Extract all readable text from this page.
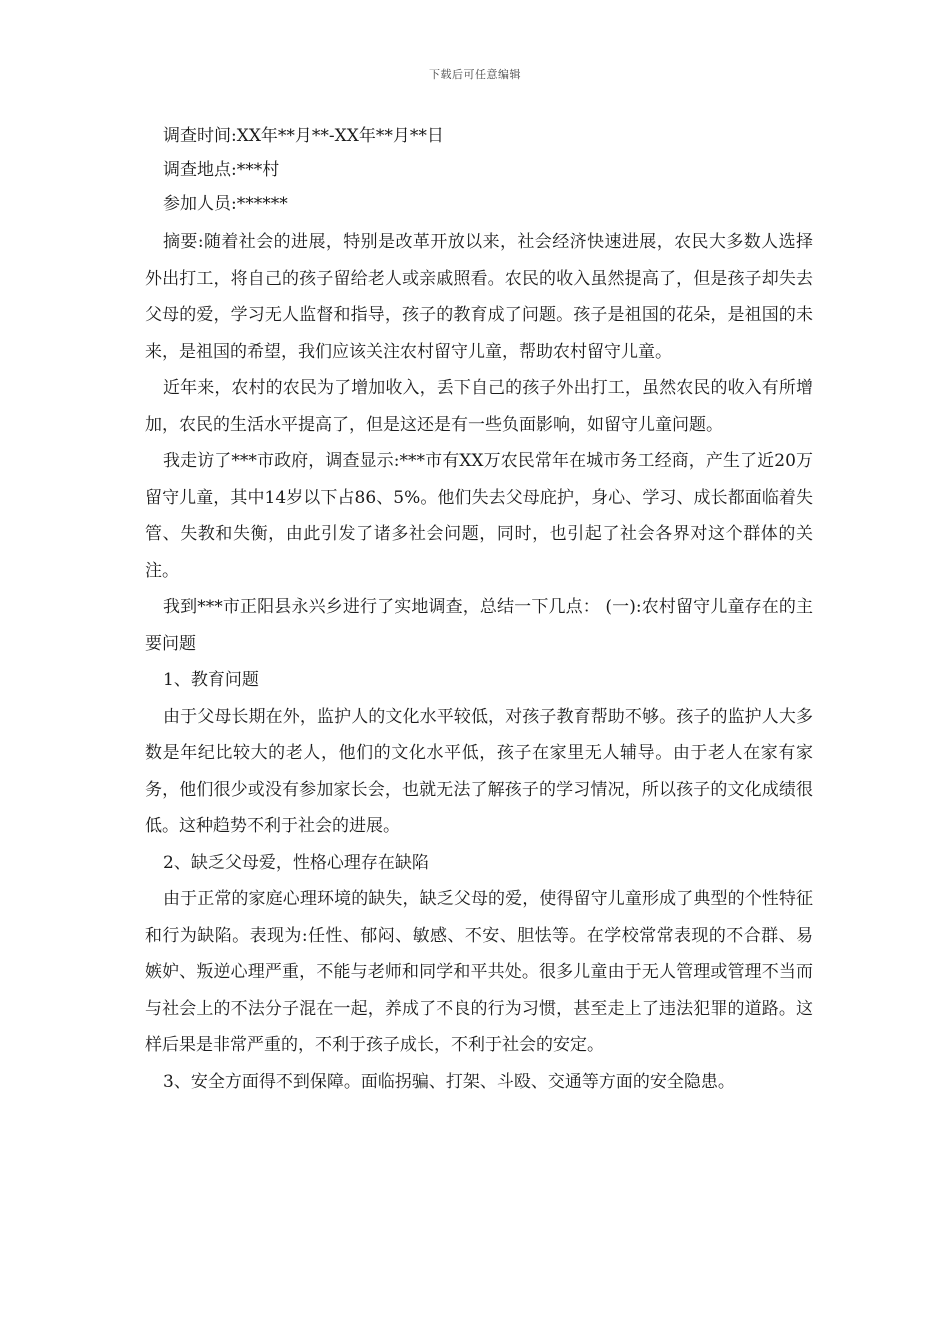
下载后可任意编辑

调查时间:XX年**月**-XX年**月**日

调查地点:***村

参加人员:******

摘要:随着社会的进展，特别是改革开放以来，社会经济快速进展，农民大多数人选择外出打工，将自己的孩子留给老人或亲戚照看。农民的收入虽然提高了，但是孩子却失去父母的爱，学习无人监督和指导，孩子的教育成了问题。孩子是祖国的花朵，是祖国的未来，是祖国的希望，我们应该关注农村留守儿童，帮助农村留守儿童。

近年来，农村的农民为了增加收入，丢下自己的孩子外出打工，虽然农民的收入有所增加，农民的生活水平提高了，但是这还是有一些负面影响，如留守儿童问题。

我走访了***市政府，调查显示:***市有XX万农民常年在城市务工经商，产生了近20万留守儿童，其中14岁以下占86、5%。他们失去父母庇护，身心、学习、成长都面临着失管、失教和失衡，由此引发了诸多社会问题，同时，也引起了社会各界对这个群体的关注。

我到***市正阳县永兴乡进行了实地调查，总结一下几点： (一):农村留守儿童存在的主要问题

1、教育问题

由于父母长期在外，监护人的文化水平较低，对孩子教育帮助不够。孩子的监护人大多数是年纪比较大的老人，他们的文化水平低，孩子在家里无人辅导。由于老人在家有家务，他们很少或没有参加家长会，也就无法了解孩子的学习情况，所以孩子的文化成绩很低。这种趋势不利于社会的进展。

2、缺乏父母爱，性格心理存在缺陷

由于正常的家庭心理环境的缺失，缺乏父母的爱，使得留守儿童形成了典型的个性特征和行为缺陷。表现为:任性、郁闷、敏感、不安、胆怯等。在学校常常表现的不合群、易嫉妒、叛逆心理严重，不能与老师和同学和平共处。很多儿童由于无人管理或管理不当而与社会上的不法分子混在一起，养成了不良的行为习惯，甚至走上了违法犯罪的道路。这样后果是非常严重的，不利于孩子成长，不利于社会的安定。

3、安全方面得不到保障。面临拐骗、打架、斗殴、交通等方面的安全隐患。
